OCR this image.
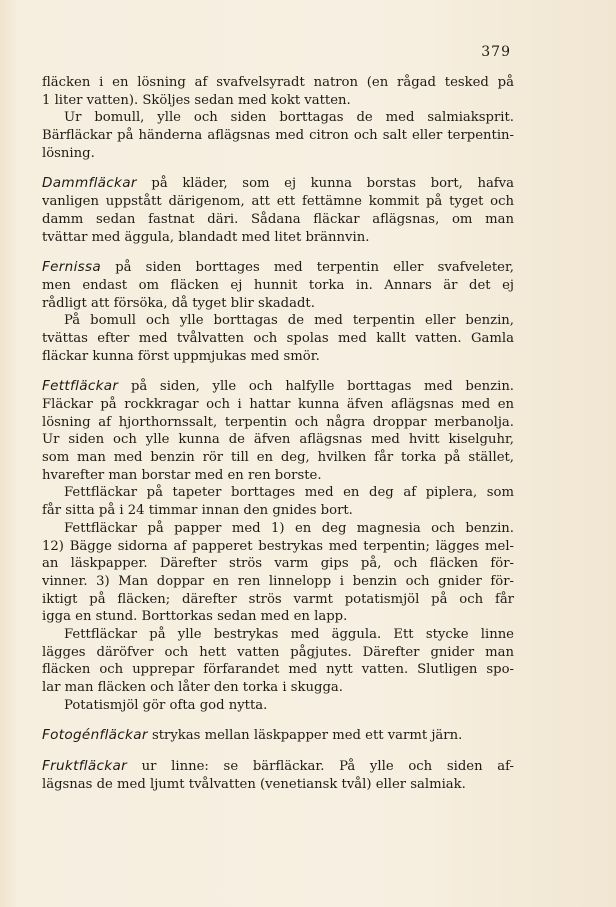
379
fläcken i en lösning af svafvelsyradt natron (en rågad tesked på
1 liter vatten). Sköljes sedan med kokt vatten.
Ur bomull, ylle och siden borttagas de med salmiaksprit.
Bärfläckar på händerna aflägsnas med citron och salt eller terpentin-
lösning.
Dammfläckar på kläder, som ej kunna borstas bort, hafva
vanligen uppstått därigenom, att ett fettämne kommit på tyget och
damm sedan fastnat däri. Sådana fläckar aflägsnas, om man
tvättar med äggula, blandadt med litet brännvin.
Fernissa på siden borttages med terpentin eller svafveleter,
men endast om fläcken ej hunnit torka in. Annars är det ej
rådligt att försöka, då tyget blir skadadt.
På bomull och ylle borttagas de med terpentin eller benzin,
tvättas efter med tvålvatten och spolas med kallt vatten. Gamla
fläckar kunna först uppmjukas med smör.
Fettfläckar på siden, ylle och halfylle borttagas med benzin.
Fläckar på rockkragar och i hattar kunna äfven aflägsnas med en
lösning af hjorthornssalt, terpentin och några droppar merbanolja.
Ur siden och ylle kunna de äfven aflägsnas med hvitt kiselguhr,
som man med benzin rör till en deg, hvilken får torka på stället,
hvarefter man borstar med en ren borste.
Fettfläckar på tapeter borttages med en deg af piplera, som
får sitta på i 24 timmar innan den gnides bort.
Fettfläckar på papper med 1) en deg magnesia och benzin.
12) Bägge sidorna af papperet bestrykas med terpentin; lägges mel-
an läskpapper. Därefter strös varm gips på, och fläcken för-
vinner. 3) Man doppar en ren linnelopp i benzin och gnider för-
iktigt på fläcken; därefter strös varmt potatismjöl på och får
igga en stund. Borttorkas sedan med en lapp.
Fettfläckar på ylle bestrykas med äggula. Ett stycke linne
lägges däröfver och hett vatten pågjutes. Därefter gnider man
fläcken och upprepar förfarandet med nytt vatten. Slutligen spo-
lar man fläcken och låter den torka i skugga.
Potatismjöl gör ofta god nytta.
Fotogénfläckar strykas mellan läskpapper med ett varmt järn.
Fruktfläckar ur linne: se bärfläckar. På ylle och siden af-
lägsnas de med ljumt tvålvatten (venetiansk tvål) eller salmiak.
